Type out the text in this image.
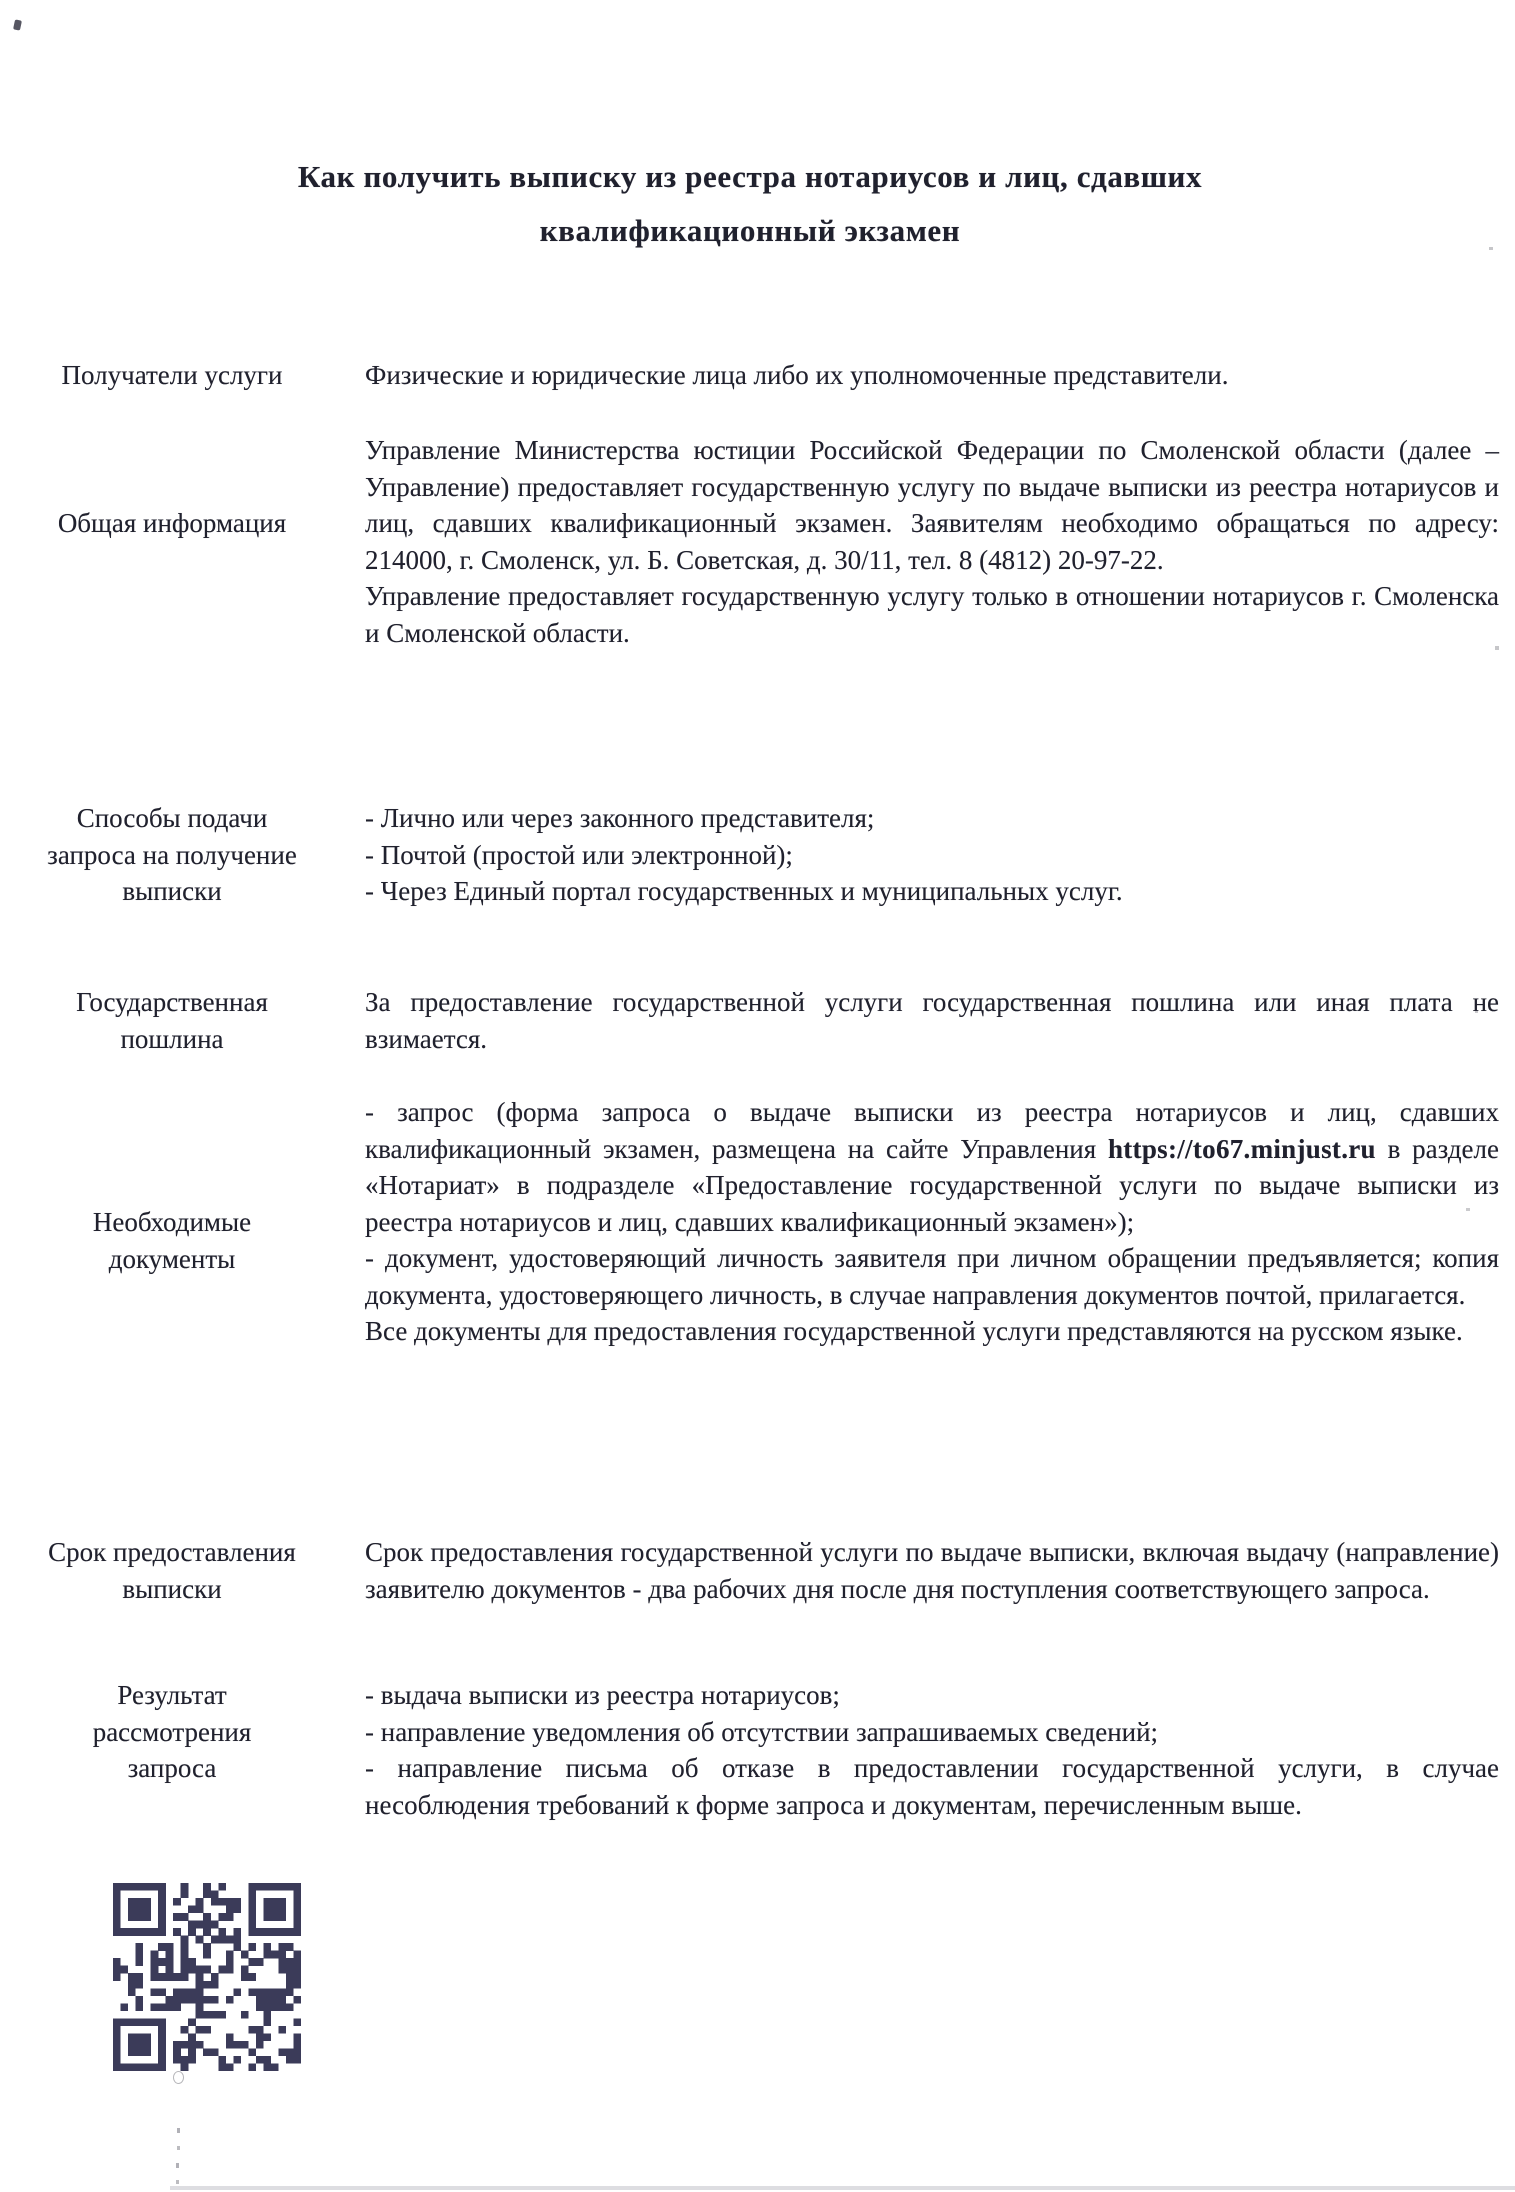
Как получить выписку из реестра нотариусов и лиц, сдавших
квалификационный экзамен
Получатели услуги	Физические и юридические лица либо их уполномоченные представители.
Общая информация

Управление Министерства юстиции Российской Федерации по Смоленской области (далее – Управление) предоставляет государственную услугу по выдаче выписки из реестра нотариусов и лиц, сдавших квалификационный экзамен. Заявителям необходимо обращаться по адресу: 214000, г. Смоленск, ул. Б. Советская, д. 30/11, тел. 8 (4812) 20-97-22.

Управление предоставляет государственную услугу только в отношении нотариусов г. Смоленска и Смоленской области.

Способы подачи
запроса на получение
выписки

- Лично или через законного представителя;

- Почтой (простой или электронной);

- Через Единый портал государственных и муниципальных услуг.

Государственная
пошлина
За предоставление государственной услуги государственная пошлина или иная плата не взимается.
Необходимые
документы

- запрос (форма запроса о выдаче выписки из реестра нотариусов и лиц, сдавших квалификационный экзамен, размещена на сайте Управления https://to67.minjust.ru в разделе «Нотариат» в подразделе «Предоставление государственной услуги по выдаче выписки из реестра нотариусов и лиц, сдавших квалификационный экзамен»);

- документ, удостоверяющий личность заявителя при личном обращении предъявляется; копия документа, удостоверяющего личность, в случае направления документов почтой, прилагается.

Все документы для предоставления государственной услуги представляются на русском языке.

Срок предоставления
выписки
Срок предоставления государственной услуги по выдаче выписки, включая выдачу (направление) заявителю документов - два рабочих дня после дня поступления соответствующего запроса.
Результат
рассмотрения
запроса

- выдача выписки из реестра нотариусов;

- направление уведомления об отсутствии запрашиваемых сведений;

- направление письма об отказе в предоставлении государственной услуги, в случае несоблюдения требований к форме запроса и документам, перечисленным выше.
